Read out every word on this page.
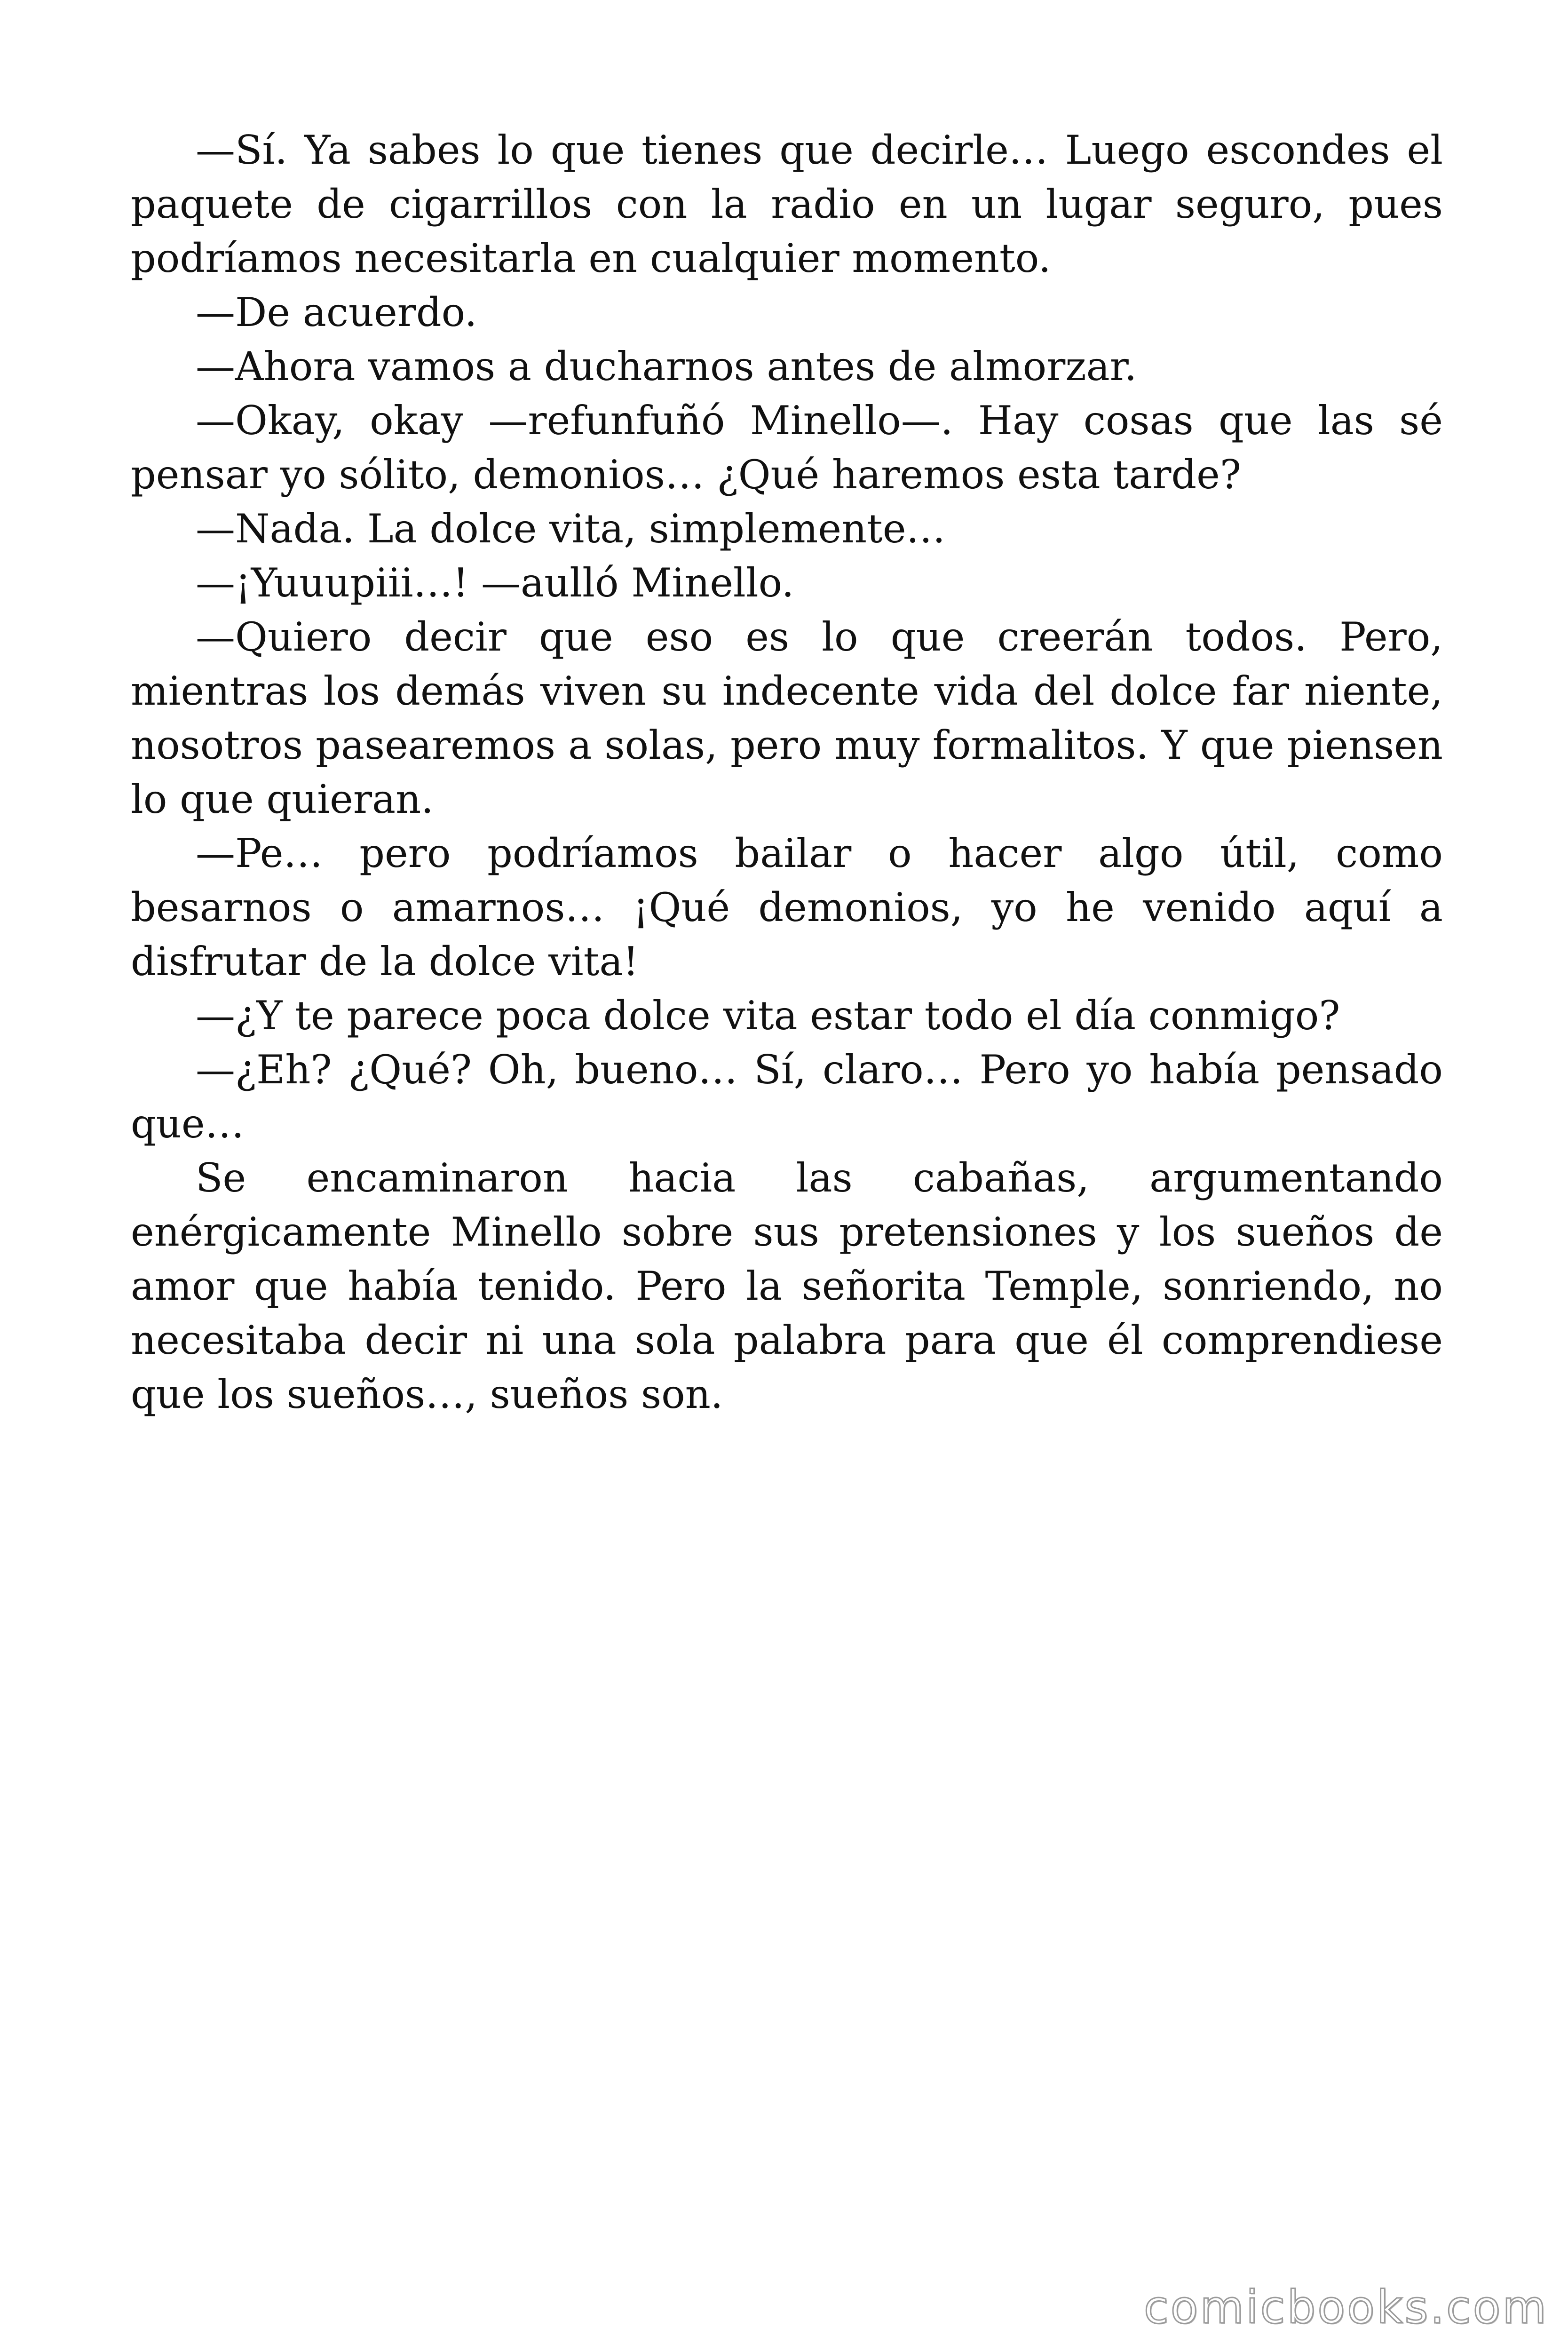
—Sí. Ya sabes lo que tienes que decirle… Luego escondes el paquete de cigarrillos con la radio en un lugar seguro, pues podríamos necesitarla en cualquier momento.

—De acuerdo.

—Ahora vamos a ducharnos antes de almorzar.

—Okay, okay —refunfuñó Minello—. Hay cosas que las sé pensar yo sólito, demonios… ¿Qué haremos esta tarde?

—Nada. La dolce vita, simplemente…

—¡Yuuupiii…! —aulló Minello.

—Quiero decir que eso es lo que creerán todos. Pero, mientras los demás viven su indecente vida del dolce far niente, nosotros pasearemos a solas, pero muy formalitos. Y que piensen lo que quieran.

—Pe… pero podríamos bailar o hacer algo útil, como besarnos o amarnos… ¡Qué demonios, yo he venido aquí a disfrutar de la dolce vita!

—¿Y te parece poca dolce vita estar todo el día conmigo?

—¿Eh? ¿Qué? Oh, bueno… Sí, claro… Pero yo había pensado que…

Se encaminaron hacia las cabañas, argumentando enérgicamente Minello sobre sus pretensiones y los sueños de amor que había tenido. Pero la señorita Temple, sonriendo, no necesitaba decir ni una sola palabra para que él comprendiese que los sueños…, sueños son.

comicbooks.com
